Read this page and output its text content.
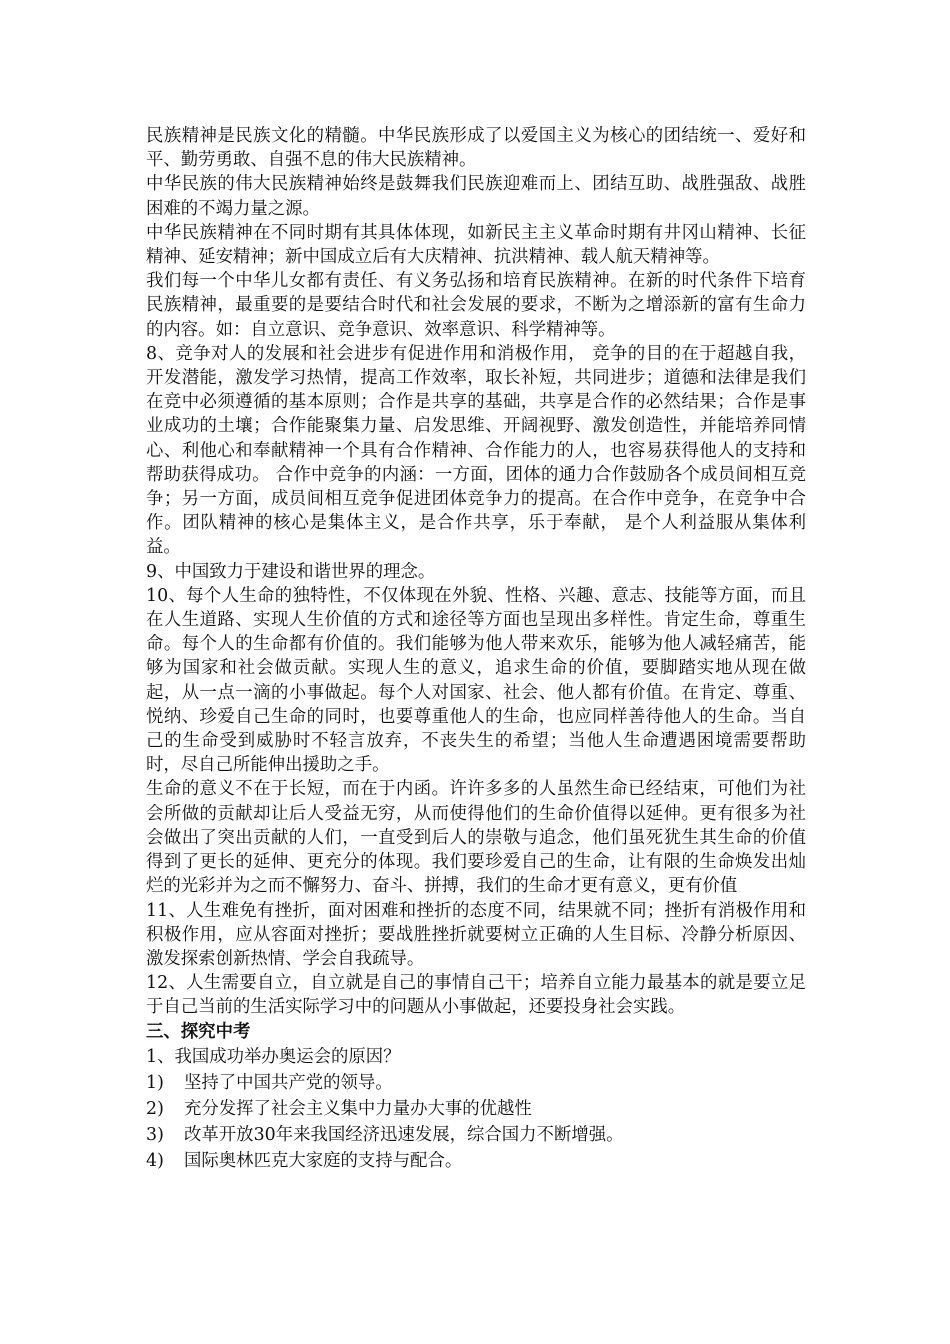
民族精神是民族文化的精髓。中华民族形成了以爱国主义为核心的团结统一、爱好和平、勤劳勇敢、自强不息的伟大民族精神。

中华民族的伟大民族精神始终是鼓舞我们民族迎难而上、团结互助、战胜强敌、战胜困难的不竭力量之源。

中华民族精神在不同时期有其具体体现，如新民主主义革命时期有井冈山精神、长征精神、延安精神；新中国成立后有大庆精神、抗洪精神、载人航天精神等。

我们每一个中华儿女都有责任、有义务弘扬和培育民族精神。在新的时代条件下培育民族精神，最重要的是要结合时代和社会发展的要求，不断为之增添新的富有生命力的内容。如：自立意识、竞争意识、效率意识、科学精神等。

8、竞争对人的发展和社会进步有促进作用和消极作用， 竞争的目的在于超越自我，开发潜能，激发学习热情，提高工作效率，取长补短，共同进步；道德和法律是我们在竞中必须遵循的基本原则；合作是共享的基础，共享是合作的必然结果；合作是事业成功的土壤；合作能聚集力量、启发思维、开阔视野、激发创造性，并能培养同情心、利他心和奉献精神一个具有合作精神、合作能力的人，也容易获得他人的支持和帮助获得成功。 合作中竞争的内涵：一方面，团体的通力合作鼓励各个成员间相互竞争；另一方面，成员间相互竞争促进团体竞争力的提高。在合作中竞争，在竞争中合作。团队精神的核心是集体主义，是合作共享，乐于奉献， 是个人利益服从集体利益。

9、中国致力于建设和谐世界的理念。

10、每个人生命的独特性，不仅体现在外貌、性格、兴趣、意志、技能等方面，而且在人生道路、实现人生价值的方式和途径等方面也呈现出多样性。肯定生命，尊重生命。每个人的生命都有价值的。我们能够为他人带来欢乐，能够为他人减轻痛苦，能够为国家和社会做贡献。实现人生的意义，追求生命的价值，要脚踏实地从现在做起，从一点一滴的小事做起。每个人对国家、社会、他人都有价值。在肯定、尊重、悦纳、珍爱自己生命的同时，也要尊重他人的生命，也应同样善待他人的生命。当自己的生命受到威胁时不轻言放弃，不丧失生的希望；当他人生命遭遇困境需要帮助时，尽自己所能伸出援助之手。

生命的意义不在于长短，而在于内函。许许多多的人虽然生命已经结束，可他们为社会所做的贡献却让后人受益无穷，从而使得他们的生命价值得以延伸。更有很多为社会做出了突出贡献的人们，一直受到后人的崇敬与追念，他们虽死犹生其生命的价值得到了更长的延伸、更充分的体现。我们要珍爱自己的生命，让有限的生命焕发出灿烂的光彩并为之而不懈努力、奋斗、拼搏，我们的生命才更有意义，更有价值

11、人生难免有挫折，面对困难和挫折的态度不同，结果就不同；挫折有消极作用和积极作用，应从容面对挫折；要战胜挫折就要树立正确的人生目标、冷静分析原因、激发探索创新热情、学会自我疏导。

12、人生需要自立，自立就是自己的事情自己干；培养自立能力最基本的就是要立足于自己当前的生活实际学习中的问题从小事做起，还要投身社会实践。

三、探究中考

1、我国成功举办奥运会的原因？

1)	坚持了中国共产党的领导。
2)	充分发挥了社会主义集中力量办大事的优越性
3)	改革开放30年来我国经济迅速发展，综合国力不断增强。
4)	国际奥林匹克大家庭的支持与配合。
